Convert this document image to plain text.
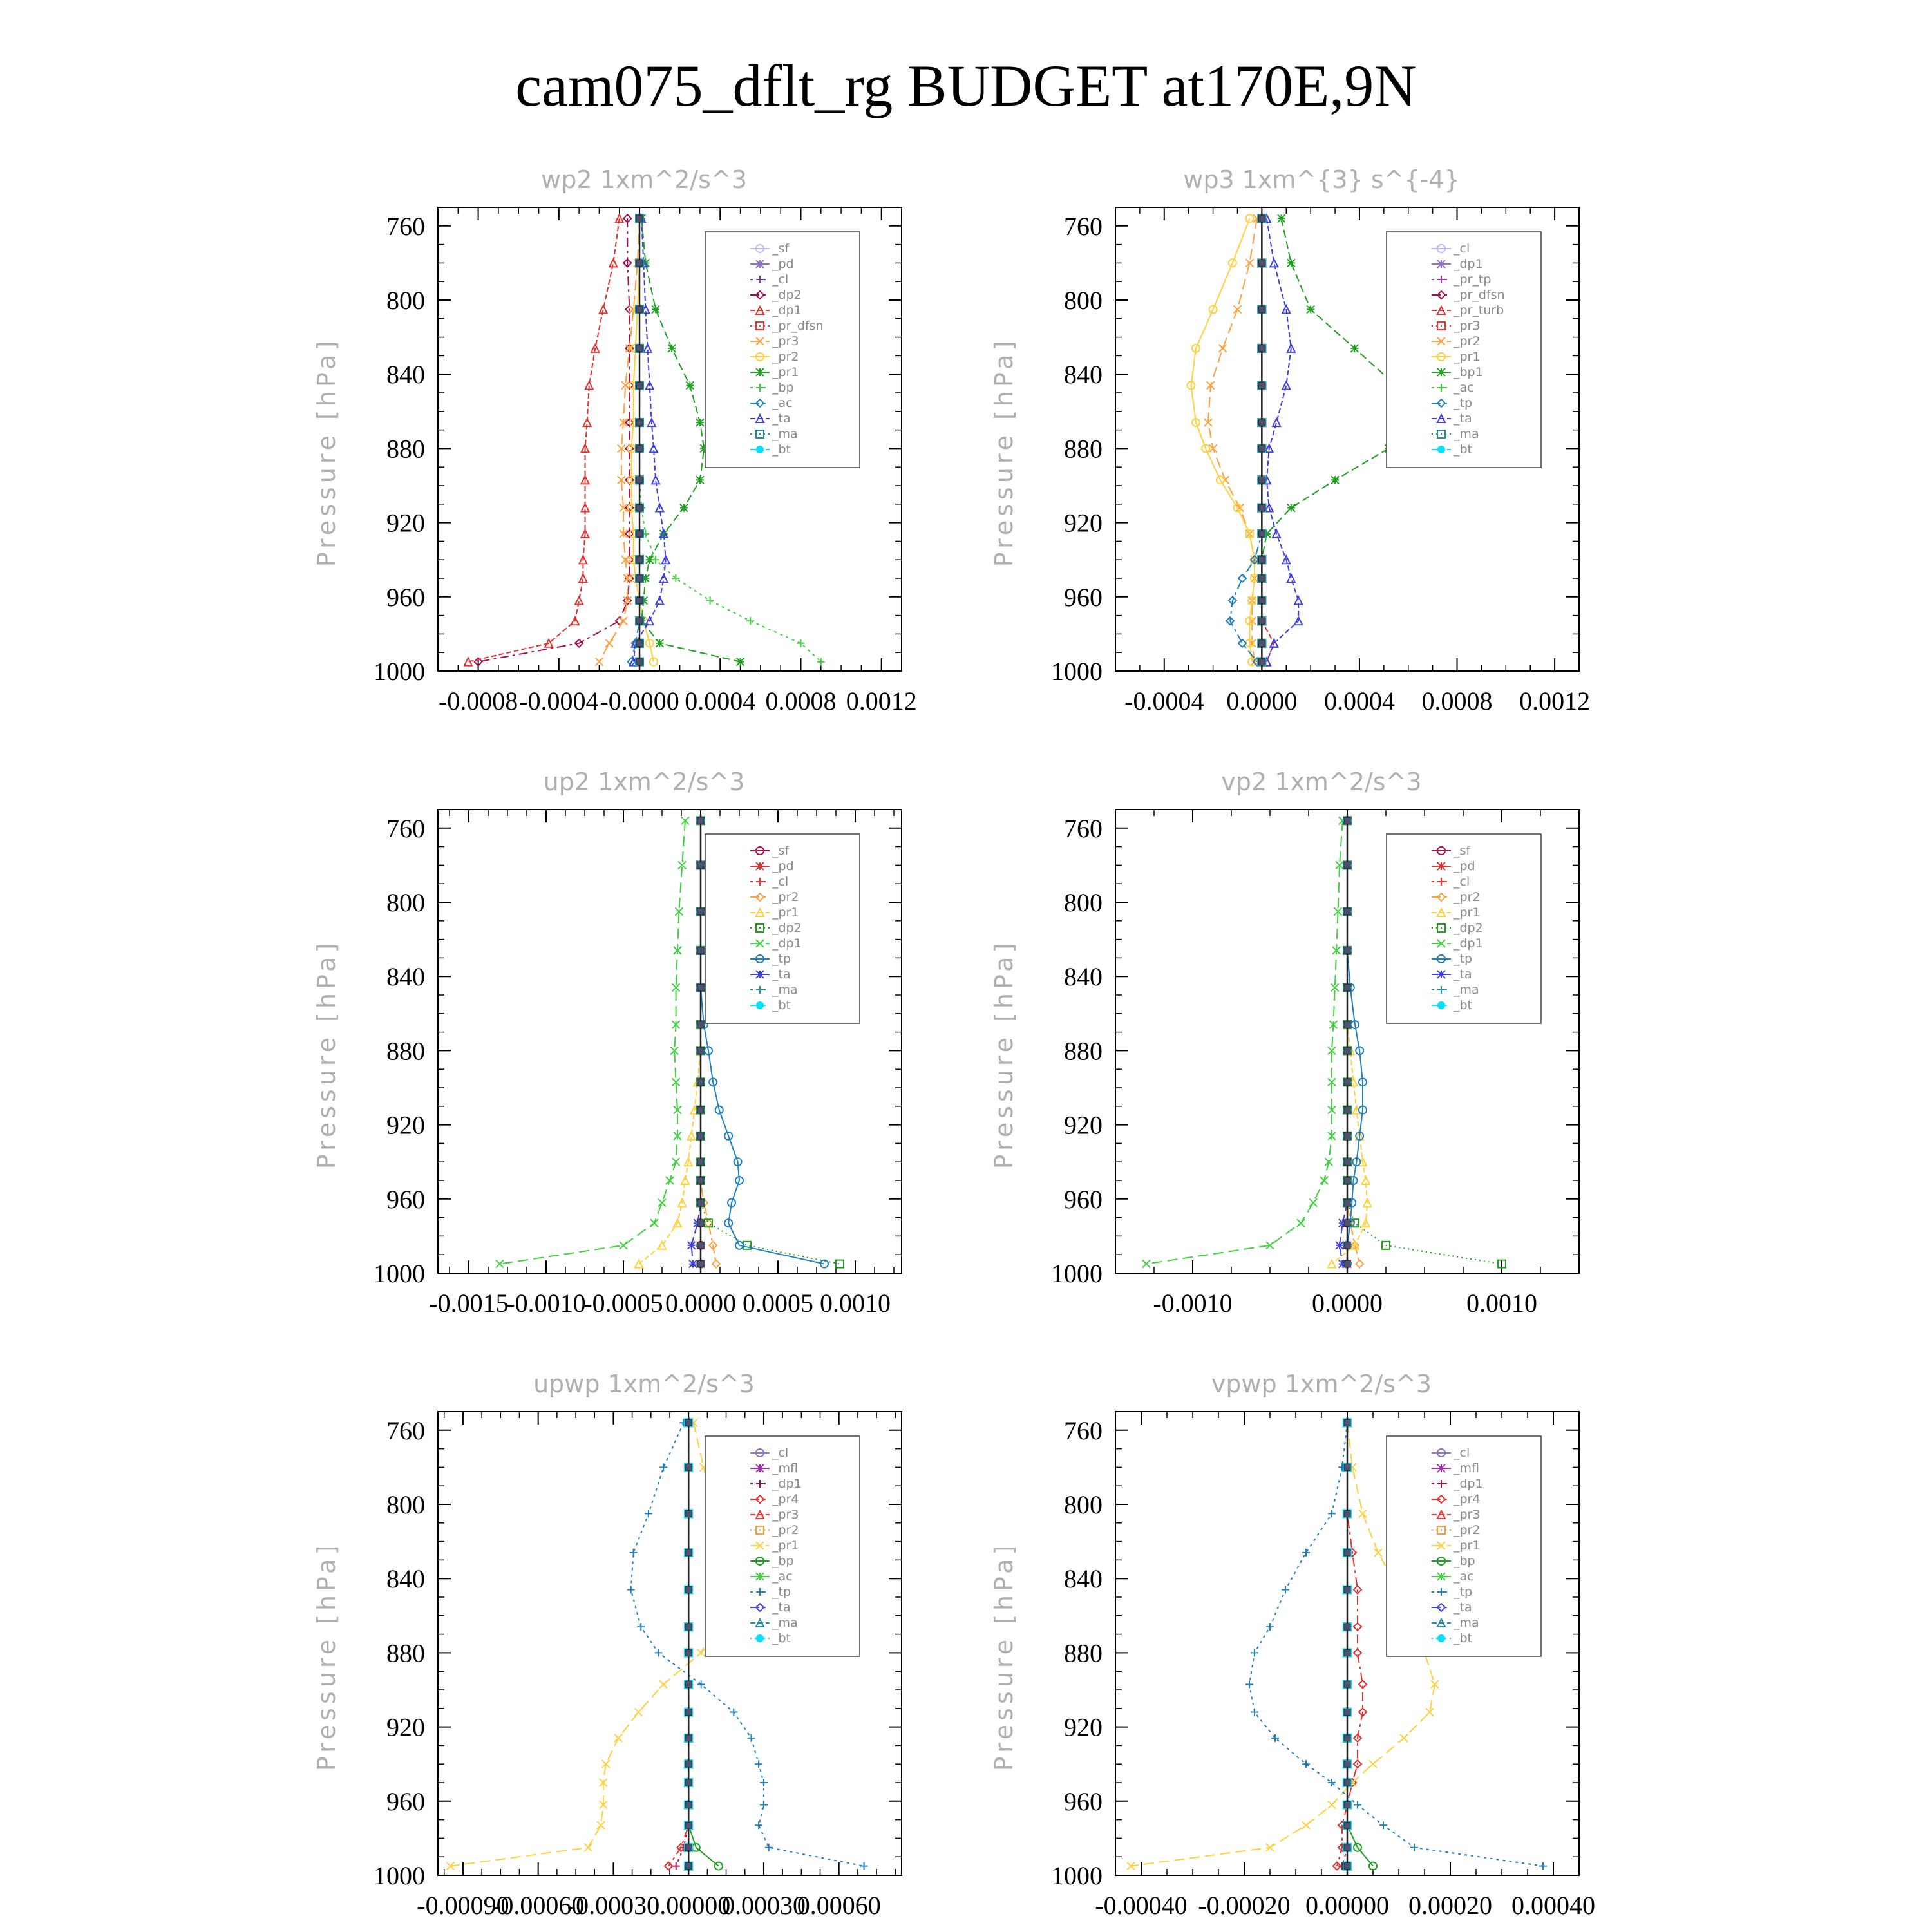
cam075_dflt_rg BUDGET at170E,9N
wp2 1xm^2/s^3
Pressure [hPa]
-0.0008 -0.0004 -0.0000 0.0004 0.0008 0.0012
760
800
840
880
920
960
1000
_sf
_pd
_cl
_dp2
_dp1
_pr_dfsn
_pr3
_pr2
_pr1
_bp
_ac
_ta
_ma
_bt
wp3 1xm^{3} s^{-4}
Pressure [hPa]
-0.0004 0.0000 0.0004 0.0008 0.0012
760
800
840
880
920
960
1000
_cl
_dp1
_pr_tp
_pr_dfsn
_pr_turb
_pr3
_pr2
_pr1
_bp1
_ac
_tp
_ta
_ma
_bt
up2 1xm^2/s^3
Pressure [hPa]
-0.0015
-0.0010
-0.0005 0.0000 0.0005 0.0010
760
800
840
880
920
960
1000
_sf
_pd
_cl
_pr2
_pr1
_dp2
_dp1
_tp
_ta
_ma
_bt
vp2 1xm^2/s^3
Pressure [hPa]
-0.0010	0.0000	0.0010
760
800
840
880
920
960
1000
_sf
_pd
_cl
_pr2
_pr1
_dp2
_dp1
_tp
_ta
_ma
_bt
upwp 1xm^2/s^3
Pressure [hPa]
-0.00090
-0.00060
-0.00030
0.00000
0.00030
0.00060
760
800
840
880
920
960
1000
_cl
_mfl
_dp1
_pr4
_pr3
_pr2
_pr1
_bp
_ac
_tp
_ta
_ma
_bt
vpwp 1xm^2/s^3
Pressure [hPa]
-0.00040 -0.00020 0.00000 0.00020 0.00040
760
800
840
880
920
960
1000
_cl
_mfl
_dp1
_pr4
_pr3
_pr2
_pr1
_bp
_ac
_tp
_ta
_ma
_bt
